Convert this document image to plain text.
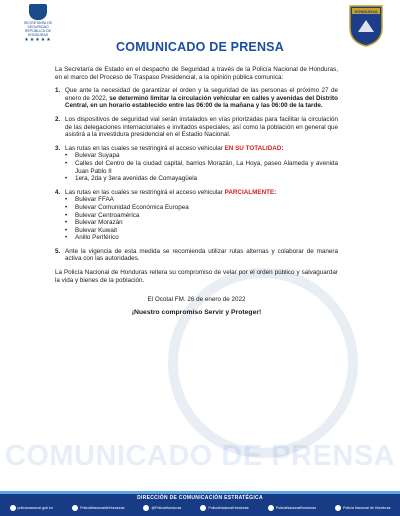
SECRETARÍA DE SEGURIDAD
REPÚBLICA DE HONDURAS
★★★★★
HONDURAS
COMUNICADO DE PRENSA
COMUNICADO DE PRENSA

La Secretaría de Estado en el despacho de Seguridad a través de la Policía Nacional de Honduras, en el marco del Proceso de Traspaso Presidencial, a la opinión pública comunica:

1. Que ante la necesidad de garantizar el orden y la seguridad de las personas el próximo 27 de enero de 2022, se determinó limitar la circulación vehicular en calles y avenidas del Distrito Central, en un horario establecido entre las 06:00 de la mañana y las 06:00 de la tarde.
2. Los dispositivos de seguridad vial serán instalados en vías priorizadas para facilitar la circulación de las delegaciones internacionales e invitados especiales, así como la población en general que asistirá a la investidura presidencial en el Estadio Nacional.
3. Las rutas en las cuales se restringirá el acceso vehicular EN SU TOTALIDAD:
• Bulevar Suyapa
• Calles del Centro de la ciudad capital, barrios Morazán, La Hoya, paseo Alameda y avenida Juan Pablo II
• 1era, 2da y 3era avenidas de Comayagüela
4. Las rutas en las cuales se restringirá el acceso vehicular PARCIALMENTE:
• Bulevar FFAA
• Bulevar Comunidad Económica Europea
• Bulevar Centroamérica
• Bulevar Morazán
• Bulevar Kuwait
• Anillo Periférico
5. Ante la vigencia de esta medida se recomienda utilizar rutas alternas y colaborar de manera activa con las autoridades.

La Policía Nacional de Honduras reitera su compromiso de velar por el orden público y salvaguardar la vida y bienes de la población.

El Ocotal FM. 26 de enero de 2022
¡Nuestro compromiso Servir y Proteger!
DIRECCIÓN DE COMUNICACIÓN ESTRATÉGICA
policianacional.gob.hn	PolicíaNacionaldeHonduras	@PoliciaHonduras	PolicíaNacionalHonduras	PolicíaNacionalHonduras	Policía Nacional de Honduras
